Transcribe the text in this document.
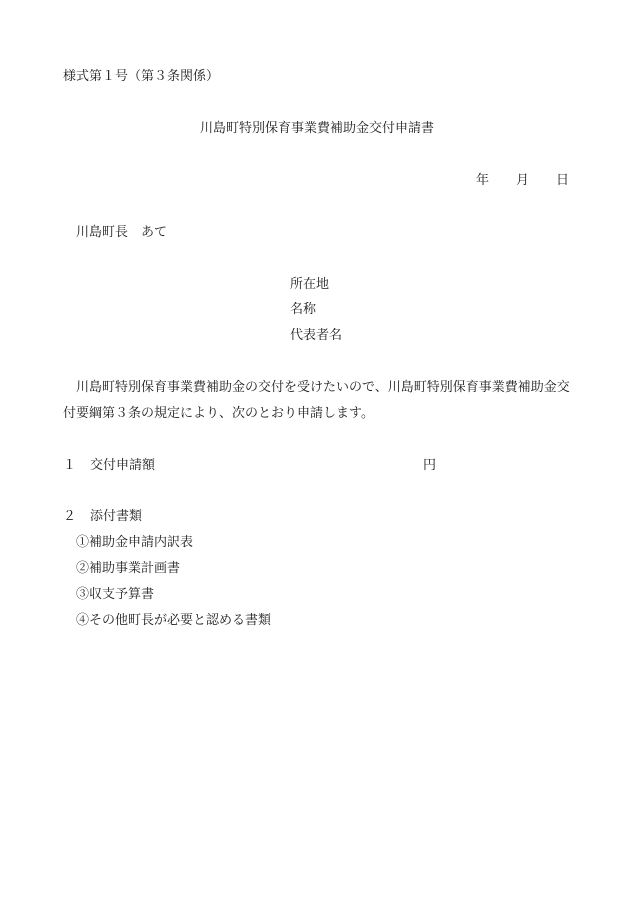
様式第１号（第３条関係）
川島町特別保育事業費補助金交付申請書
年 月 日
川島町長　あて
所在地
名称
代表者名
　川島町特別保育事業費補助金の交付を受けたいので、川島町特別保育事業費補助金交
付要綱第３条の規定により、次のとおり申請します。
１ 交付申請額	円
２ 添付書類
①補助金申請内訳表
②補助事業計画書
③収支予算書
④その他町長が必要と認める書類
